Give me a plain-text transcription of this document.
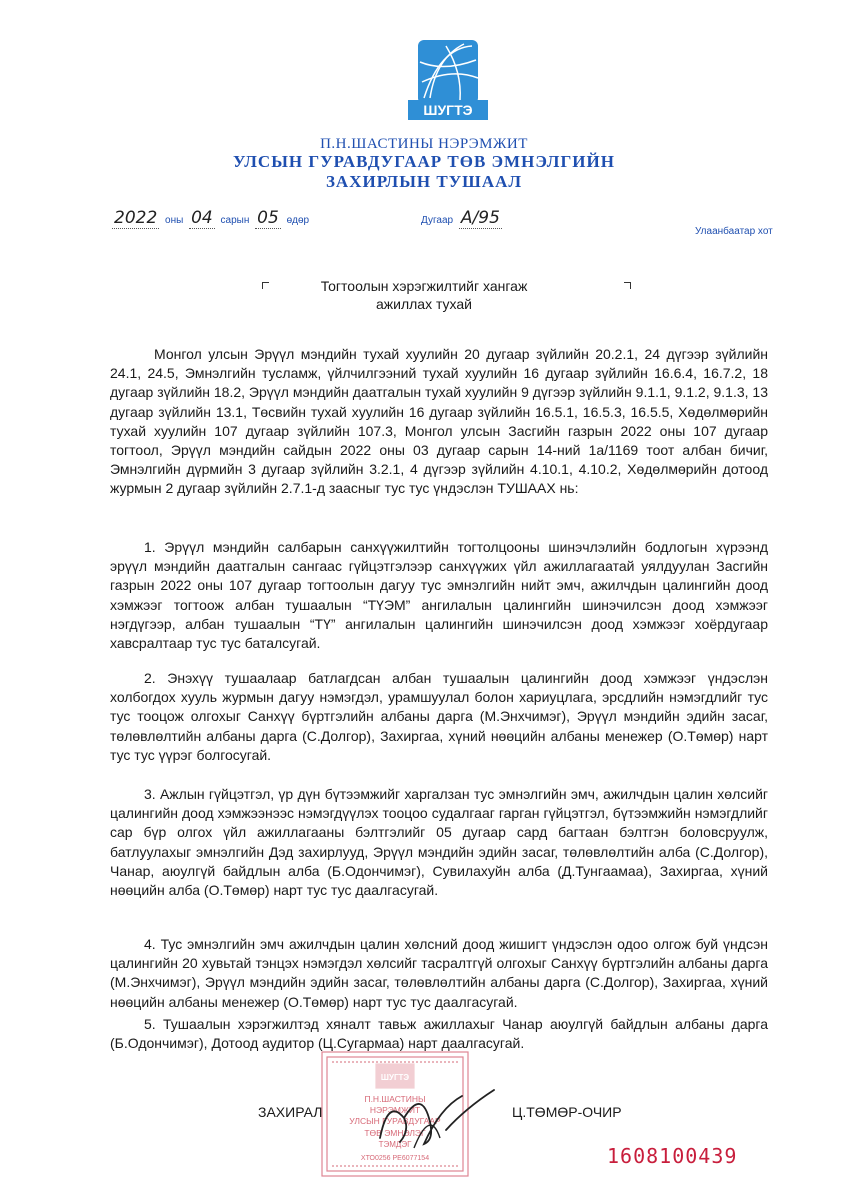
ШУГТЭ
П.Н.ШАСТИНЫ НЭРЭМЖИТ
УЛСЫН ГУРАВДУГААР ТӨВ ЭМНЭЛГИЙН
ЗАХИРЛЫН ТУШААЛ
2022 оны 04 сарын 05 өдөр	Дугаар А/95
Улаанбаатар хот
Тогтоолын хэрэгжилтийг хангаж
ажиллах тухай
Монгол улсын Эрүүл мэндийн тухай хуулийн 20 дугаар зүйлийн 20.2.1, 24 дүгээр зүйлийн 24.1, 24.5, Эмнэлгийн тусламж, үйлчилгээний тухай хуулийн 16 дугаар зүйлийн 16.6.4, 16.7.2, 18 дугаар зүйлийн 18.2, Эрүүл мэндийн даатгалын тухай хуулийн 9 дүгээр зүйлийн 9.1.1, 9.1.2, 9.1.3, 13 дугаар зүйлийн 13.1, Төсвийн тухай хуулийн 16 дугаар зүйлийн 16.5.1, 16.5.3, 16.5.5, Хөдөлмөрийн тухай хуулийн 107 дугаар зүйлийн 107.3, Монгол улсын Засгийн газрын 2022 оны 107 дугаар тогтоол, Эрүүл мэндийн сайдын 2022 оны 03 дугаар сарын 14-ний 1а/1169 тоот албан бичиг, Эмнэлгийн дүрмийн 3 дугаар зүйлийн 3.2.1, 4 дүгээр зүйлийн 4.10.1, 4.10.2, Хөдөлмөрийн дотоод журмын 2 дугаар зүйлийн 2.7.1-д заасныг тус тус үндэслэн ТУШААХ нь:
1. Эрүүл мэндийн салбарын санхүүжилтийн тогтолцооны шинэчлэлийн бодлогын хүрээнд эрүүл мэндийн даатгалын сангаас гүйцэтгэлээр санхүүжих үйл ажиллагаатай уялдуулан Засгийн газрын 2022 оны 107 дугаар тогтоолын дагуу тус эмнэлгийн нийт эмч, ажилчдын цалингийн доод хэмжээг тогтоож албан тушаалын “ТҮЭМ” ангилалын цалингийн шинэчилсэн доод хэмжээг нэгдүгээр, албан тушаалын “ТҮ” ангилалын цалингийн шинэчилсэн доод хэмжээг хоёрдугаар хавсралтаар тус тус баталсугай.
2. Энэхүү тушаалаар батлагдсан албан тушаалын цалингийн доод хэмжээг үндэслэн холбогдох хууль журмын дагуу нэмэгдэл, урамшуулал болон хариуцлага, эрсдлийн нэмэгдлийг тус тус тооцож олгохыг Санхүү бүртгэлийн албаны дарга (М.Энхчимэг), Эрүүл мэндийн эдийн засаг, төлөвлөлтийн албаны дарга (С.Долгор), Захиргаа, хүний нөөцийн албаны менежер (О.Төмөр) нарт тус тус үүрэг болгосугай.
3. Ажлын гүйцэтгэл, үр дүн бүтээмжийг харгалзан тус эмнэлгийн эмч, ажилчдын цалин хөлсийг цалингийн доод хэмжээнээс нэмэгдүүлэх тооцоо судалгааг гарган гүйцэтгэл, бүтээмжийн нэмэгдлийг сар бүр олгох үйл ажиллагааны бэлтгэлийг 05 дугаар сард багтаан бэлтгэн боловсруулж, батлуулахыг эмнэлгийн Дэд захирлууд, Эрүүл мэндийн эдийн засаг, төлөвлөлтийн алба (С.Долгор), Чанар, аюулгүй байдлын алба (Б.Одончимэг), Сувилахуйн алба (Д.Тунгаамаа), Захиргаа, хүний нөөцийн алба (О.Төмөр) нарт тус тус даалгасугай.
4. Тус эмнэлгийн эмч ажилчдын цалин хөлсний доод жишигт үндэслэн одоо олгож буй үндсэн цалингийн 20 хувьтай тэнцэх нэмэгдэл хөлсийг тасралтгүй олгохыг Санхүү бүртгэлийн албаны дарга (М.Энхчимэг), Эрүүл мэндийн эдийн засаг, төлөвлөлтийн албаны дарга (С.Долгор), Захиргаа, хүний нөөцийн албаны менежер (О.Төмөр) нарт тус тус даалгасугай.
5. Тушаалын хэрэгжилтэд хяналт тавьж ажиллахыг Чанар аюулгүй байдлын албаны дарга (Б.Одончимэг), Дотоод аудитор (Ц.Сугармаа) нарт даалгасугай.
ШУГТЭ
П.Н.ШАСТИНЫ
НЭРЭМЖИТ
УЛСЫН ГУРАВДУГААР
ТӨВ ЭМНЭЛЭГ
ТЭМДЭГ
ХТО0256 РЕ6077154
ЗАХИРАЛ	Ц.ТӨМӨР-ОЧИР
1608100439
